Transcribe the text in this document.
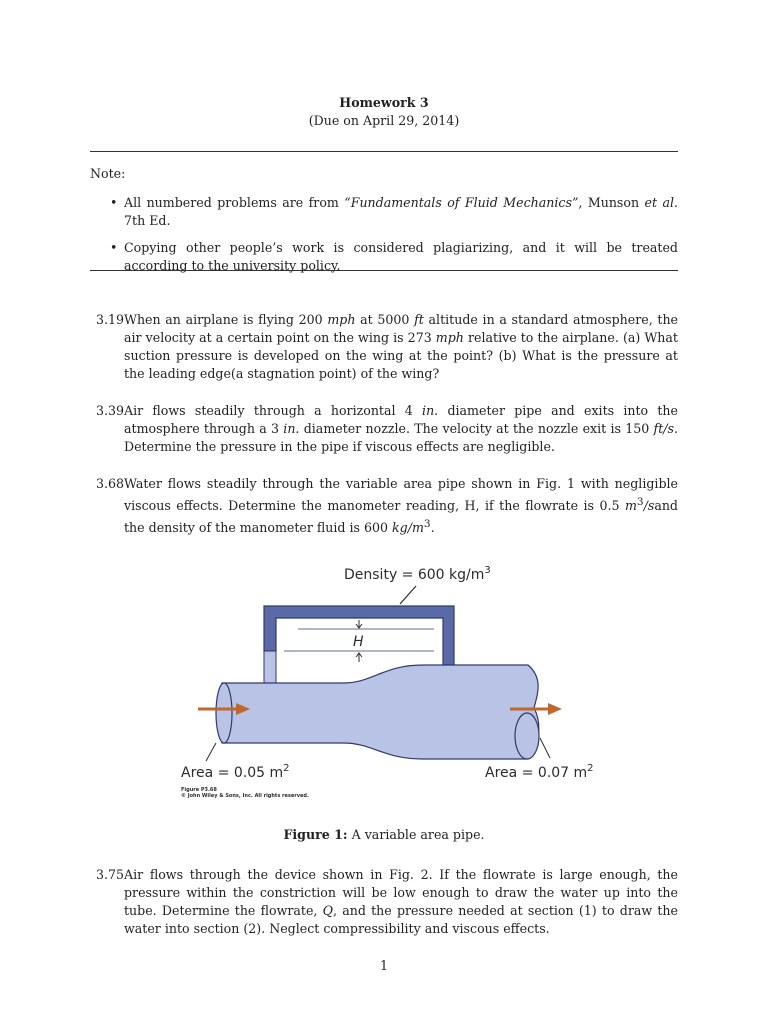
Homework 3
(Due on April 29, 2014)
Note:
• All numbered problems are from “Fundamentals of Fluid Mechanics”, Munson et al. 7th Ed.
• Copying other people’s work is considered plagiarizing, and it will be treated according to the university policy.
3.19 When an airplane is flying 200 mph at 5000 ft altitude in a standard atmosphere, the air velocity at a certain point on the wing is 273 mph relative to the airplane. (a) What suction pressure is developed on the wing at the point? (b) What is the pressure at the leading edge(a stagnation point) of the wing?
3.39 Air flows steadily through a horizontal 4 in. diameter pipe and exits into the atmosphere through a 3 in. diameter nozzle. The velocity at the nozzle exit is 150 ft/s. Determine the pressure in the pipe if viscous effects are negligible.
3.68 Water flows steadily through the variable area pipe shown in Fig. 1 with negligible viscous effects. Determine the manometer reading, H, if the flowrate is 0.5 $m^3$/sand the density of the manometer fluid is 600 $kg/m^3$.
Density = 600 $kg/m^3$
H
Area = 0.05 $m^2$	Area = 0.07 $m^2$
Figure P3.68
© John Wiley & Sons, Inc. All rights reserved.
Figure 1: A variable area pipe.
3.75 Air flows through the device shown in Fig. 2. If the flowrate is large enough, the pressure within the constriction will be low enough to draw the water up into the tube. Determine the flowrate, Q, and the pressure needed at section (1) to draw the water into section (2). Neglect compressibility and viscous effects.
1
